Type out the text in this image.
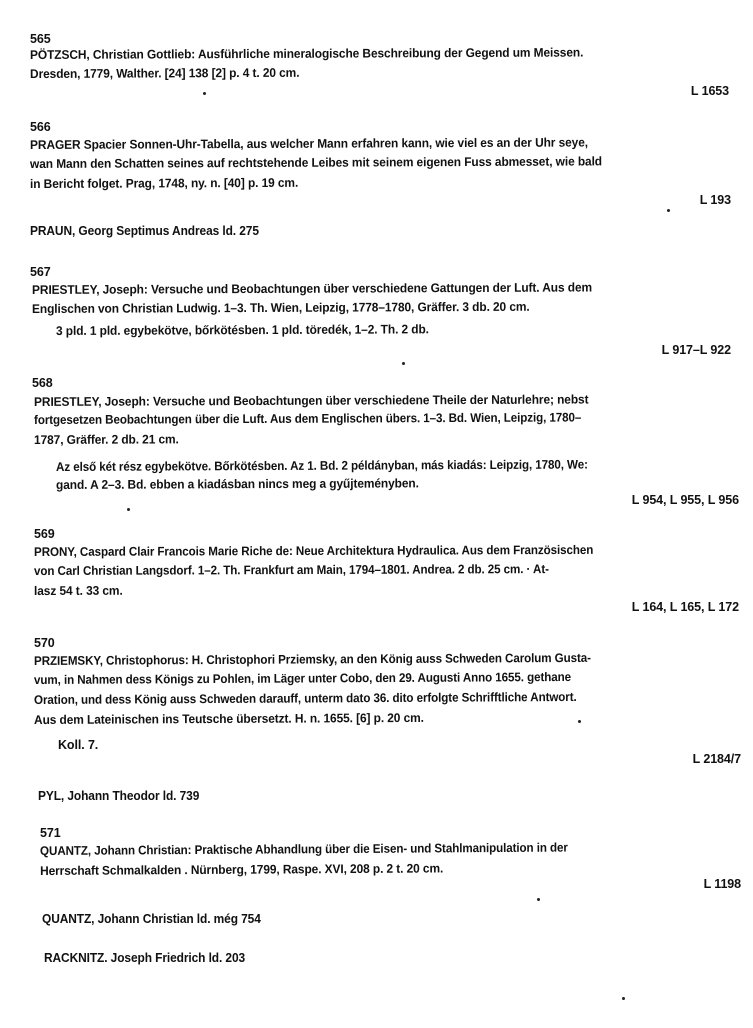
565
PÖTZSCH, Christian Gottlieb: Ausführliche mineralogische Beschreibung der Gegend um Meissen.
Dresden, 1779, Walther. [24] 138 [2] p. 4 t. 20 cm.
L 1653
566
PRAGER Spacier Sonnen-Uhr-Tabella, aus welcher Mann erfahren kann, wie viel es an der Uhr seye,
wan Mann den Schatten seines auf rechtstehende Leibes mit seinem eigenen Fuss abmesset, wie bald
in Bericht folget. Prag, 1748, ny. n. [40] p. 19 cm.
L 193
PRAUN, Georg Septimus Andreas ld. 275
567
PRIESTLEY, Joseph: Versuche und Beobachtungen über verschiedene Gattungen der Luft. Aus dem
Englischen von Christian Ludwig. 1–3. Th. Wien, Leipzig, 1778–1780, Gräffer. 3 db. 20 cm.
3 pld. 1 pld. egybekötve, bőrkötésben. 1 pld. töredék, 1–2. Th. 2 db.
L 917–L 922
568
PRIESTLEY, Joseph: Versuche und Beobachtungen über verschiedene Theile der Naturlehre; nebst
fortgesetzen Beobachtungen über die Luft. Aus dem Englischen übers. 1–3. Bd. Wien, Leipzig, 1780–
1787, Gräffer. 2 db. 21 cm.
Az első két rész egybekötve. Bőrkötésben. Az 1. Bd. 2 példányban, más kiadás: Leipzig, 1780, We:
gand. A 2–3. Bd. ebben a kiadásban nincs meg a gyűjteményben.
L 954, L 955, L 956
569
PRONY, Caspard Clair Francois Marie Riche de: Neue Architektura Hydraulica. Aus dem Französischen
von Carl Christian Langsdorf. 1–2. Th. Frankfurt am Main, 1794–1801. Andrea. 2 db. 25 cm. · At-
lasz 54 t. 33 cm.
L 164, L 165, L 172
570
PRZIEMSKY, Christophorus: H. Christophori Prziemsky, an den König auss Schweden Carolum Gusta-
vum, in Nahmen dess Königs zu Pohlen, im Läger unter Cobo, den 29. Augusti Anno 1655. gethane
Oration, und dess König auss Schweden darauff, unterm dato 36. dito erfolgte Schrifftliche Antwort.
Aus dem Lateinischen ins Teutsche übersetzt. H. n. 1655. [6] p. 20 cm.
Koll. 7.
L 2184/7
PYL, Johann Theodor ld. 739
571
QUANTZ, Johann Christian: Praktische Abhandlung über die Eisen- und Stahlmanipulation in der
Herrschaft Schmalkalden . Nürnberg, 1799, Raspe. XVI, 208 p. 2 t. 20 cm.
L 1198
QUANTZ, Johann Christian ld. még 754
RACKNITZ. Joseph Friedrich ld. 203
